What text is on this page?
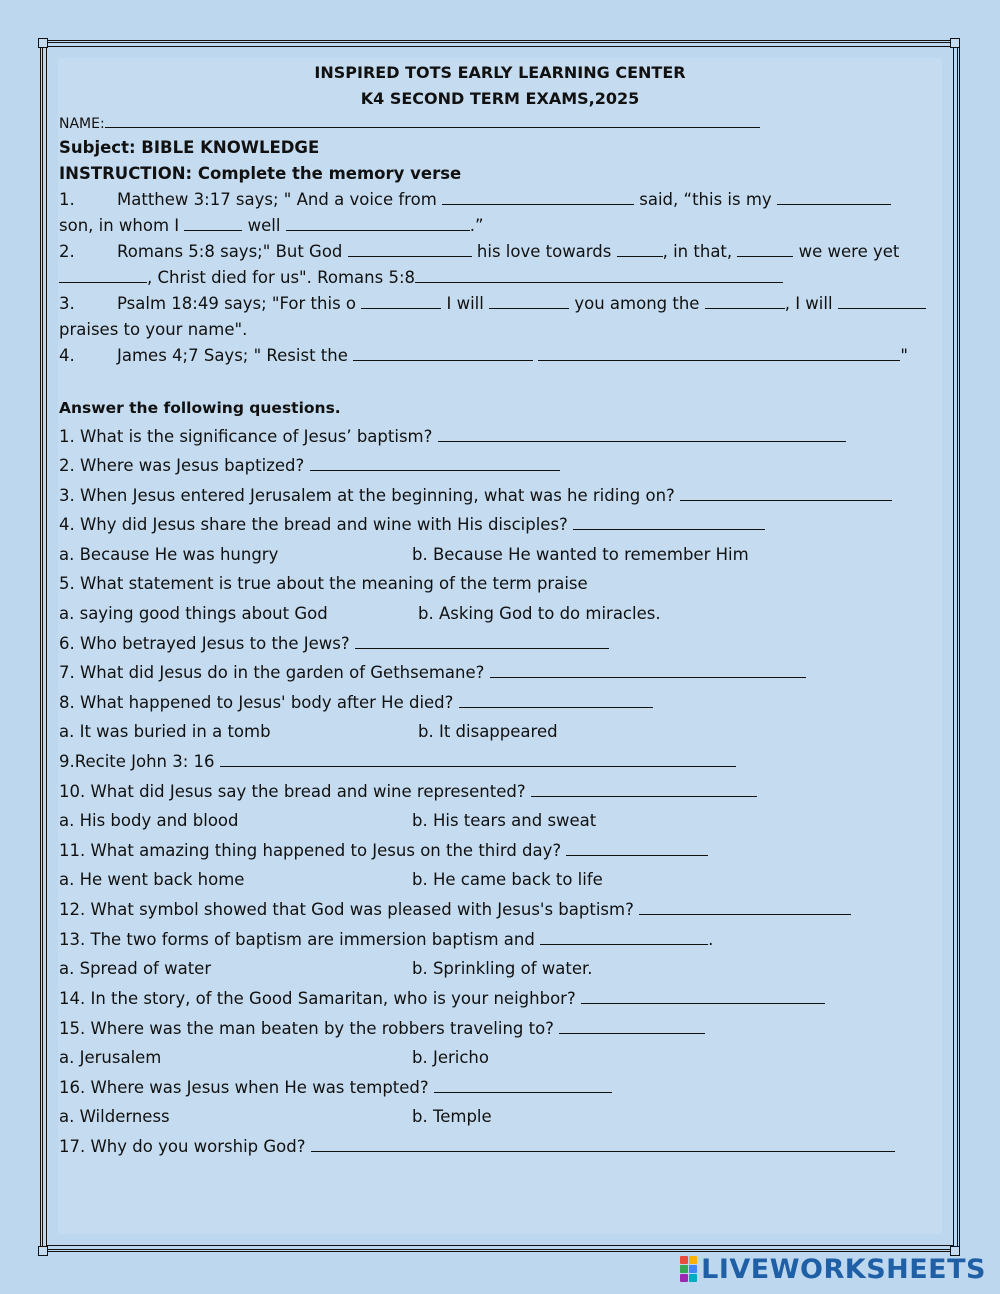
INSPIRED TOTS EARLY LEARNING CENTER
K4 SECOND TERM EXAMS,2025
NAME:
Subject: BIBLE KNOWLEDGE
INSTRUCTION: Complete the memory verse
1.	Matthew 3:17 says; " And a voice from	said, “this is my
son, in whom I	well	.”
2.	Romans 5:8 says;" But God	his love towards	, in that,	we were yet
, Christ died for us". Romans 5:8
3.	Psalm 18:49 says; "For this o	I will	you among the	, I will
praises to your name".
4.	James 4;7 Says; " Resist the	"
Answer the following questions.
1. What is the significance of Jesus’ baptism?
2. Where was Jesus baptized?
3. When Jesus entered Jerusalem at the beginning, what was he riding on?
4. Why did Jesus share the bread and wine with His disciples?
a. Because He was hungry	b. Because He wanted to remember Him
5. What statement is true about the meaning of the term praise
a. saying good things about God	b. Asking God to do miracles.
6. Who betrayed Jesus to the Jews?
7. What did Jesus do in the garden of Gethsemane?
8. What happened to Jesus' body after He died?
a. It was buried in a tomb	b. It disappeared
9.Recite John 3: 16
10. What did Jesus say the bread and wine represented?
a. His body and blood	b. His tears and sweat
11. What amazing thing happened to Jesus on the third day?
a. He went back home	b. He came back to life
12. What symbol showed that God was pleased with Jesus's baptism?
13. The two forms of baptism are immersion baptism and	.
a. Spread of water	b. Sprinkling of water.
15. Where was the man beaten by the robbers traveling to?
14. In the story, of the Good Samaritan, who is your neighbor?
a. Jerusalem	b. Jericho
16. Where was Jesus when He was tempted?
a. Wilderness	b. Temple
17. Why do you worship God?
LIVEWORKSHEETS
